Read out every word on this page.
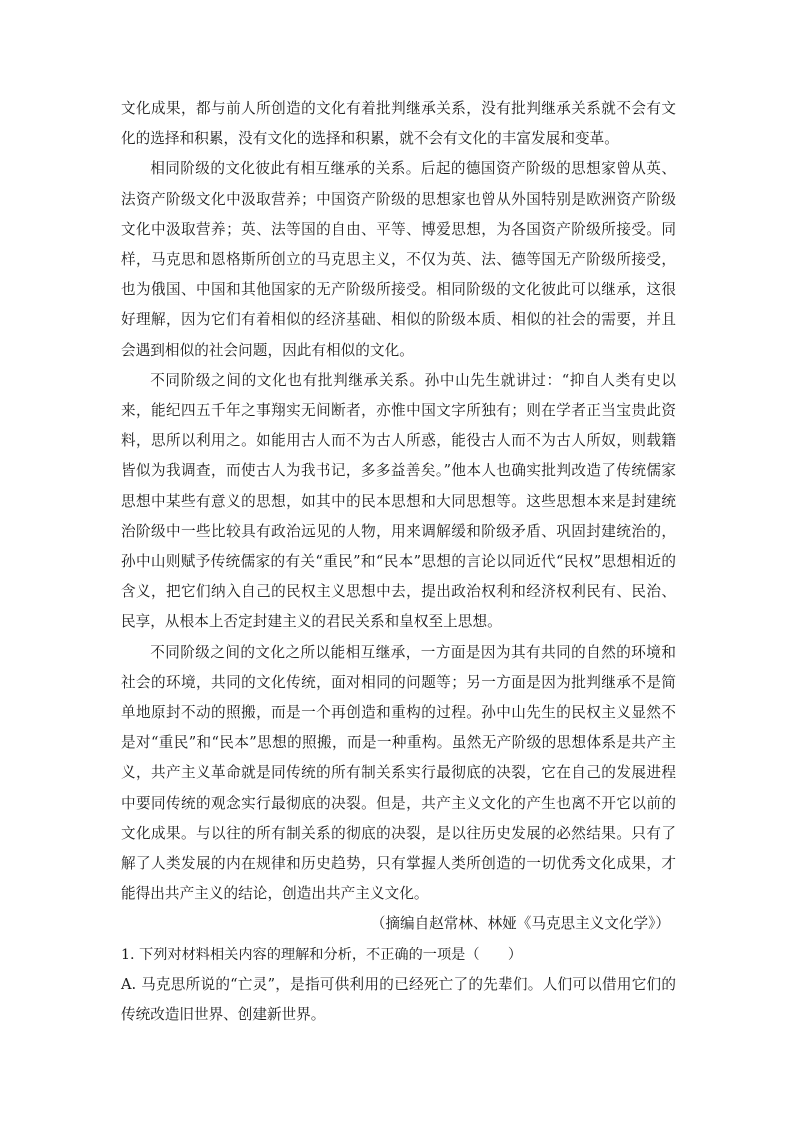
文化成果，都与前人所创造的文化有着批判继承关系，没有批判继承关系就不会有文化的选择和积累，没有文化的选择和积累，就不会有文化的丰富发展和变革。

相同阶级的文化彼此有相互继承的关系。后起的德国资产阶级的思想家曾从英、法资产阶级文化中汲取营养；中国资产阶级的思想家也曾从外国特别是欧洲资产阶级文化中汲取营养；英、法等国的自由、平等、博爱思想，为各国资产阶级所接受。同样，马克思和恩格斯所创立的马克思主义，不仅为英、法、德等国无产阶级所接受，也为俄国、中国和其他国家的无产阶级所接受。相同阶级的文化彼此可以继承，这很好理解，因为它们有着相似的经济基础、相似的阶级本质、相似的社会的需要，并且会遇到相似的社会问题，因此有相似的文化。

不同阶级之间的文化也有批判继承关系。孙中山先生就讲过：“抑自人类有史以来，能纪四五千年之事翔实无间断者，亦惟中国文字所独有；则在学者正当宝贵此资料，思所以利用之。如能用古人而不为古人所惑，能役古人而不为古人所奴，则载籍皆似为我调查，而使古人为我书记，多多益善矣。”他本人也确实批判改造了传统儒家思想中某些有意义的思想，如其中的民本思想和大同思想等。这些思想本来是封建统治阶级中一些比较具有政治远见的人物，用来调解缓和阶级矛盾、巩固封建统治的，孙中山则赋予传统儒家的有关“重民”和“民本”思想的言论以同近代“民权”思想相近的含义，把它们纳入自己的民权主义思想中去，提出政治权利和经济权利民有、民治、民享，从根本上否定封建主义的君民关系和皇权至上思想。

不同阶级之间的文化之所以能相互继承，一方面是因为其有共同的自然的环境和社会的环境，共同的文化传统，面对相同的问题等；另一方面是因为批判继承不是简单地原封不动的照搬，而是一个再创造和重构的过程。孙中山先生的民权主义显然不是对“重民”和“民本”思想的照搬，而是一种重构。虽然无产阶级的思想体系是共产主义，共产主义革命就是同传统的所有制关系实行最彻底的决裂，它在自己的发展进程中要同传统的观念实行最彻底的决裂。但是，共产主义文化的产生也离不开它以前的文化成果。与以往的所有制关系的彻底的决裂，是以往历史发展的必然结果。只有了解了人类发展的内在规律和历史趋势，只有掌握人类所创造的一切优秀文化成果，才能得出共产主义的结论，创造出共产主义文化。

（摘编自赵常林、林娅《马克思主义文化学》）

1. 下列对材料相关内容的理解和分析，不正确的一项是（　　）

A. 马克思所说的“亡灵”，是指可供利用的已经死亡了的先辈们。人们可以借用它们的传统改造旧世界、创建新世界。
